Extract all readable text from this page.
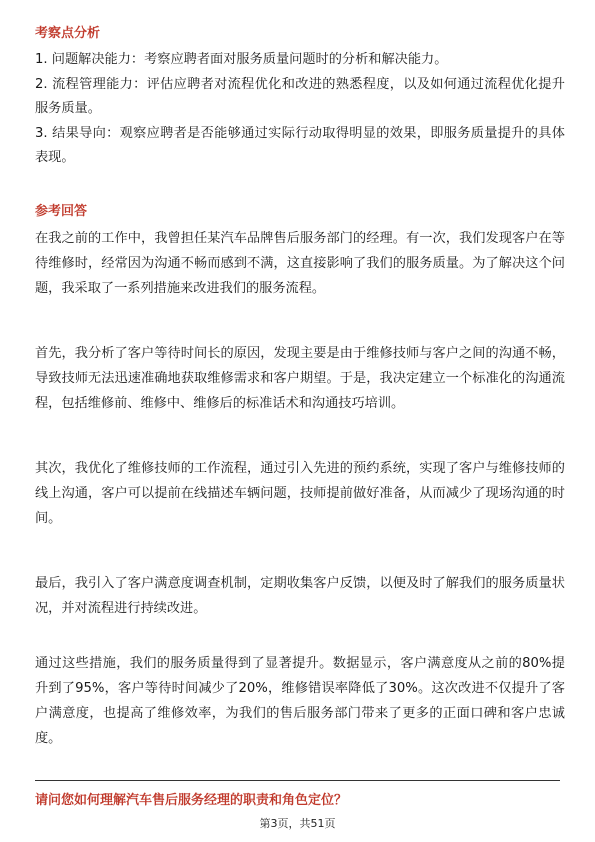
考察点分析
1. 问题解决能力：考察应聘者面对服务质量问题时的分析和解决能力。
2. 流程管理能力：评估应聘者对流程优化和改进的熟悉程度，以及如何通过流程优化提升服务质量。
3. 结果导向：观察应聘者是否能够通过实际行动取得明显的效果，即服务质量提升的具体表现。
参考回答

在我之前的工作中，我曾担任某汽车品牌售后服务部门的经理。有一次，我们发现客户在等待维修时，经常因为沟通不畅而感到不满，这直接影响了我们的服务质量。为了解决这个问题，我采取了一系列措施来改进我们的服务流程。

首先，我分析了客户等待时间长的原因，发现主要是由于维修技师与客户之间的沟通不畅，导致技师无法迅速准确地获取维修需求和客户期望。于是，我决定建立一个标准化的沟通流程，包括维修前、维修中、维修后的标准话术和沟通技巧培训。

其次，我优化了维修技师的工作流程，通过引入先进的预约系统，实现了客户与维修技师的线上沟通，客户可以提前在线描述车辆问题，技师提前做好准备，从而减少了现场沟通的时间。

最后，我引入了客户满意度调查机制，定期收集客户反馈，以便及时了解我们的服务质量状况，并对流程进行持续改进。

通过这些措施，我们的服务质量得到了显著提升。数据显示，客户满意度从之前的80%提升到了95%，客户等待时间减少了20%，维修错误率降低了30%。这次改进不仅提升了客户满意度，也提高了维修效率，为我们的售后服务部门带来了更多的正面口碑和客户忠诚度。

请问您如何理解汽车售后服务经理的职责和角色定位？

第3页，共51页
